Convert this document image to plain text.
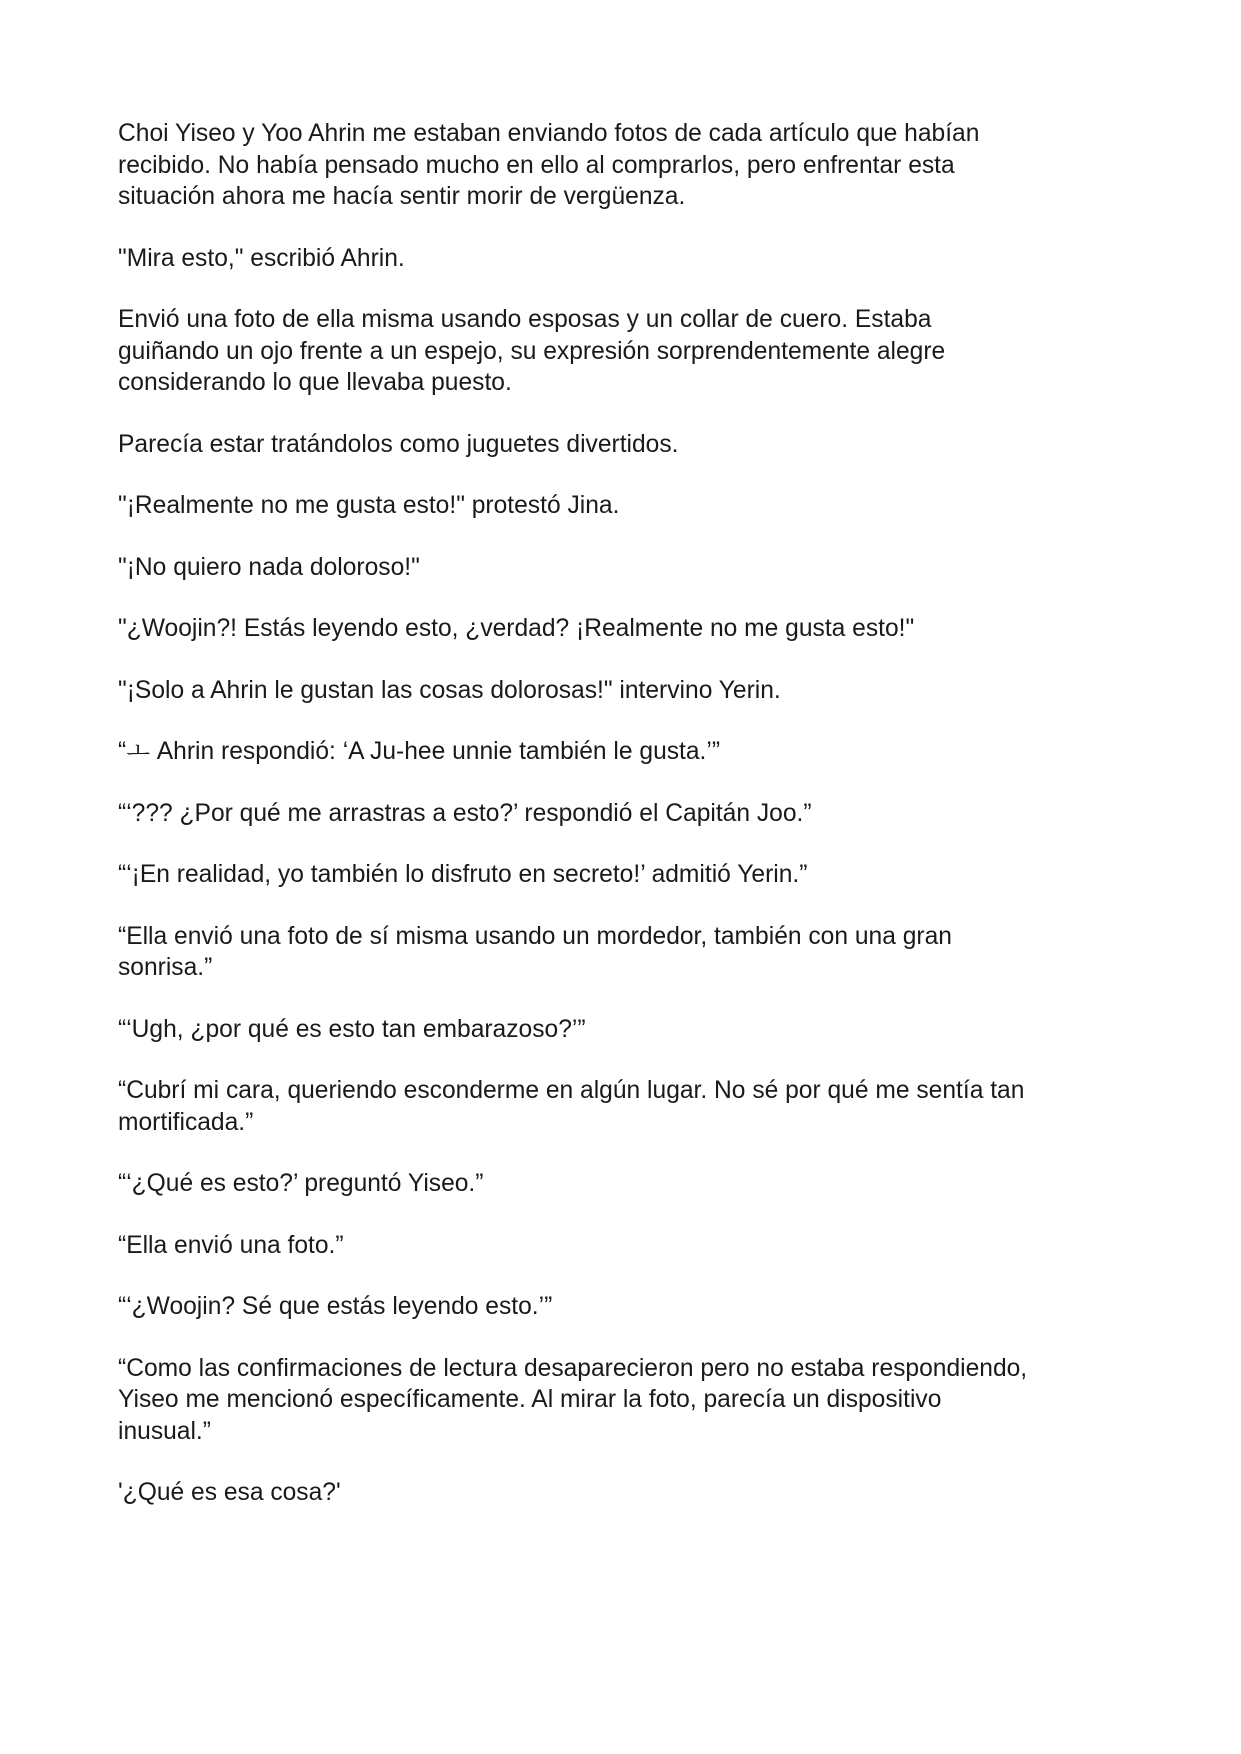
Choi Yiseo y Yoo Ahrin me estaban enviando fotos de cada artículo que habían
recibido. No había pensado mucho en ello al comprarlos, pero enfrentar esta
situación ahora me hacía sentir morir de vergüenza.

"Mira esto," escribió Ahrin.

Envió una foto de ella misma usando esposas y un collar de cuero. Estaba
guiñando un ojo frente a un espejo, su expresión sorprendentemente alegre
considerando lo que llevaba puesto.

Parecía estar tratándolos como juguetes divertidos.

"¡Realmente no me gusta esto!" protestó Jina.

"¡No quiero nada doloroso!"

"¿Woojin?! Estás leyendo esto, ¿verdad? ¡Realmente no me gusta esto!"

"¡Solo a Ahrin le gustan las cosas dolorosas!" intervino Yerin.

“ㅗ Ahrin respondió: ‘A Ju-hee unnie también le gusta.’”

“‘??? ¿Por qué me arrastras a esto?’ respondió el Capitán Joo.”

“‘¡En realidad, yo también lo disfruto en secreto!’ admitió Yerin.”

“Ella envió una foto de sí misma usando un mordedor, también con una gran
sonrisa.”

“‘Ugh, ¿por qué es esto tan embarazoso?’”

“Cubrí mi cara, queriendo esconderme en algún lugar. No sé por qué me sentía tan
mortificada.”

“‘¿Qué es esto?’ preguntó Yiseo.”

“Ella envió una foto.”

“‘¿Woojin? Sé que estás leyendo esto.’”

“Como las confirmaciones de lectura desaparecieron pero no estaba respondiendo,
Yiseo me mencionó específicamente. Al mirar la foto, parecía un dispositivo
inusual.”

'¿Qué es esa cosa?'
